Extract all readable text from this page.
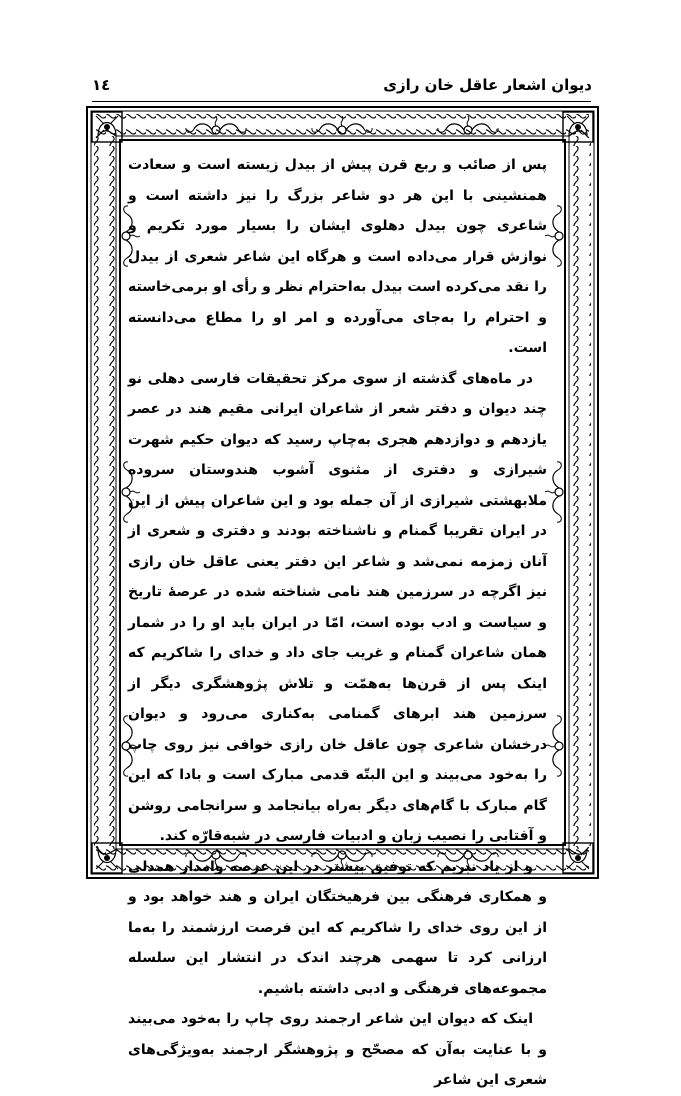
دیوان اشعار عاقل خان رازی
١٤

پس از صائب و ربع قرن پیش از بیدل زیسته است و سعادت همنشینی با این هر دو شاعر بزرگ را نیز داشته است و شاعری چون بیدل دهلوی ایشان را بسیار مورد تکریم و نوازش قرار می‌داده است و هرگاه این شاعر شعری از بیدل را نقد می‌کرده است بیدل به‌احترام نظر و رأی او برمی‌خاسته و احترام را به‌جای می‌آورده و امر او را مطاع می‌دانسته است.

در ماه‌های گذشته از سوی مرکز تحقیقات فارسی دهلی نو چند دیوان و دفتر شعر از شاعران ایرانی مقیم هند در عصر یازدهم و دوازدهم هجری به‌چاپ رسید که دیوان حکیم شهرت شیرازی و دفتری از مثنوی آشوب هندوستان سروده ملابهشتی شیرازی از آن جمله بود و این شاعران پیش از این در ایران تقریبا گمنام و ناشناخته بودند و دفتری و شعری از آنان زمزمه نمی‌شد و شاعر این دفتر یعنی عاقل خان رازی نیز اگرچه در سرزمین هند نامی شناخته شده در عرصهٔ تاریخ و سیاست و ادب بوده است، امّا در ایران باید او را در شمار همان شاعران گمنام و غریب جای داد و خدای را شاکریم که اینک پس از قرن‌ها به‌همّت و تلاش پژوهشگری دیگر از سرزمین هند ابرهای گمنامی به‌کناری می‌رود و دیوان درخشان شاعری چون عاقل خان رازی خوافی نیز روی چاپ را به‌خود می‌بیند و این البتّه قدمی مبارک است و بادا که این گام مبارک با گام‌های دیگر به‌راه بیانجامد و سرانجامی روشن و آفتابی را نصیب زبان و ادبیات فارسی در شبه‌قارّه کند.

و از یاد نبریم که توفیق بیشتر در این عرصه وامدار همدلی و همکاری فرهنگی بین فرهیختگان ایران و هند خواهد بود و از این روی خدای را شاکریم که این فرصت ارزشمند را به‌ما ارزانی کرد تا سهمی هرچند اندک در انتشار این سلسله مجموعه‌های فرهنگی و ادبی داشته باشیم.

اینک که دیوان این شاعر ارجمند روی چاپ را به‌خود می‌بیند و با عنایت به‌آن که مصحّح و پژوهشگر ارجمند به‌ویژگی‌های شعری این شاعر
